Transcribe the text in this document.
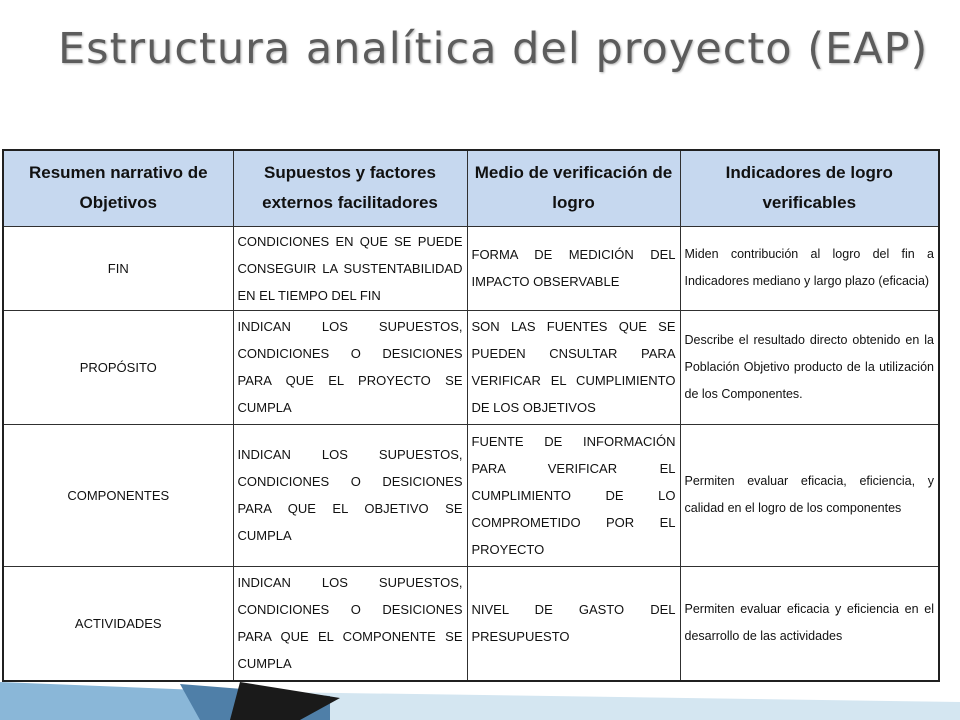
Estructura analítica del proyecto (EAP)
Resumen narrativo de Objetivos	Supuestos y factores externos facilitadores	Medio de verificación de logro	Indicadores de logro verificables
FIN	CONDICIONES EN QUE SE PUEDE CONSEGUIR LA SUSTENTABILIDAD EN EL TIEMPO DEL FIN	FORMA DE MEDICIÓN DEL IMPACTO OBSERVABLE	Miden contribución al logro del fin a Indicadores mediano y largo plazo (eficacia)
PROPÓSITO	INDICAN LOS SUPUESTOS, CONDICIONES O DESICIONES PARA QUE EL PROYECTO SE CUMPLA	SON LAS FUENTES QUE SE PUEDEN CNSULTAR PARA VERIFICAR EL CUMPLIMIENTO DE LOS OBJETIVOS	Describe el resultado directo obtenido en la Población Objetivo producto de la utilización de los Componentes.
COMPONENTES	INDICAN LOS SUPUESTOS, CONDICIONES O DESICIONES PARA QUE EL OBJETIVO SE CUMPLA	FUENTE DE INFORMACIÓN PARA VERIFICAR EL CUMPLIMIENTO DE LO COMPROMETIDO POR EL PROYECTO	Permiten evaluar eficacia, eficiencia, y calidad en el logro de los componentes
ACTIVIDADES	INDICAN LOS SUPUESTOS, CONDICIONES O DESICIONES PARA QUE EL COMPONENTE SE CUMPLA	NIVEL DE GASTO DEL PRESUPUESTO	Permiten evaluar eficacia y eficiencia en el desarrollo de las actividades
